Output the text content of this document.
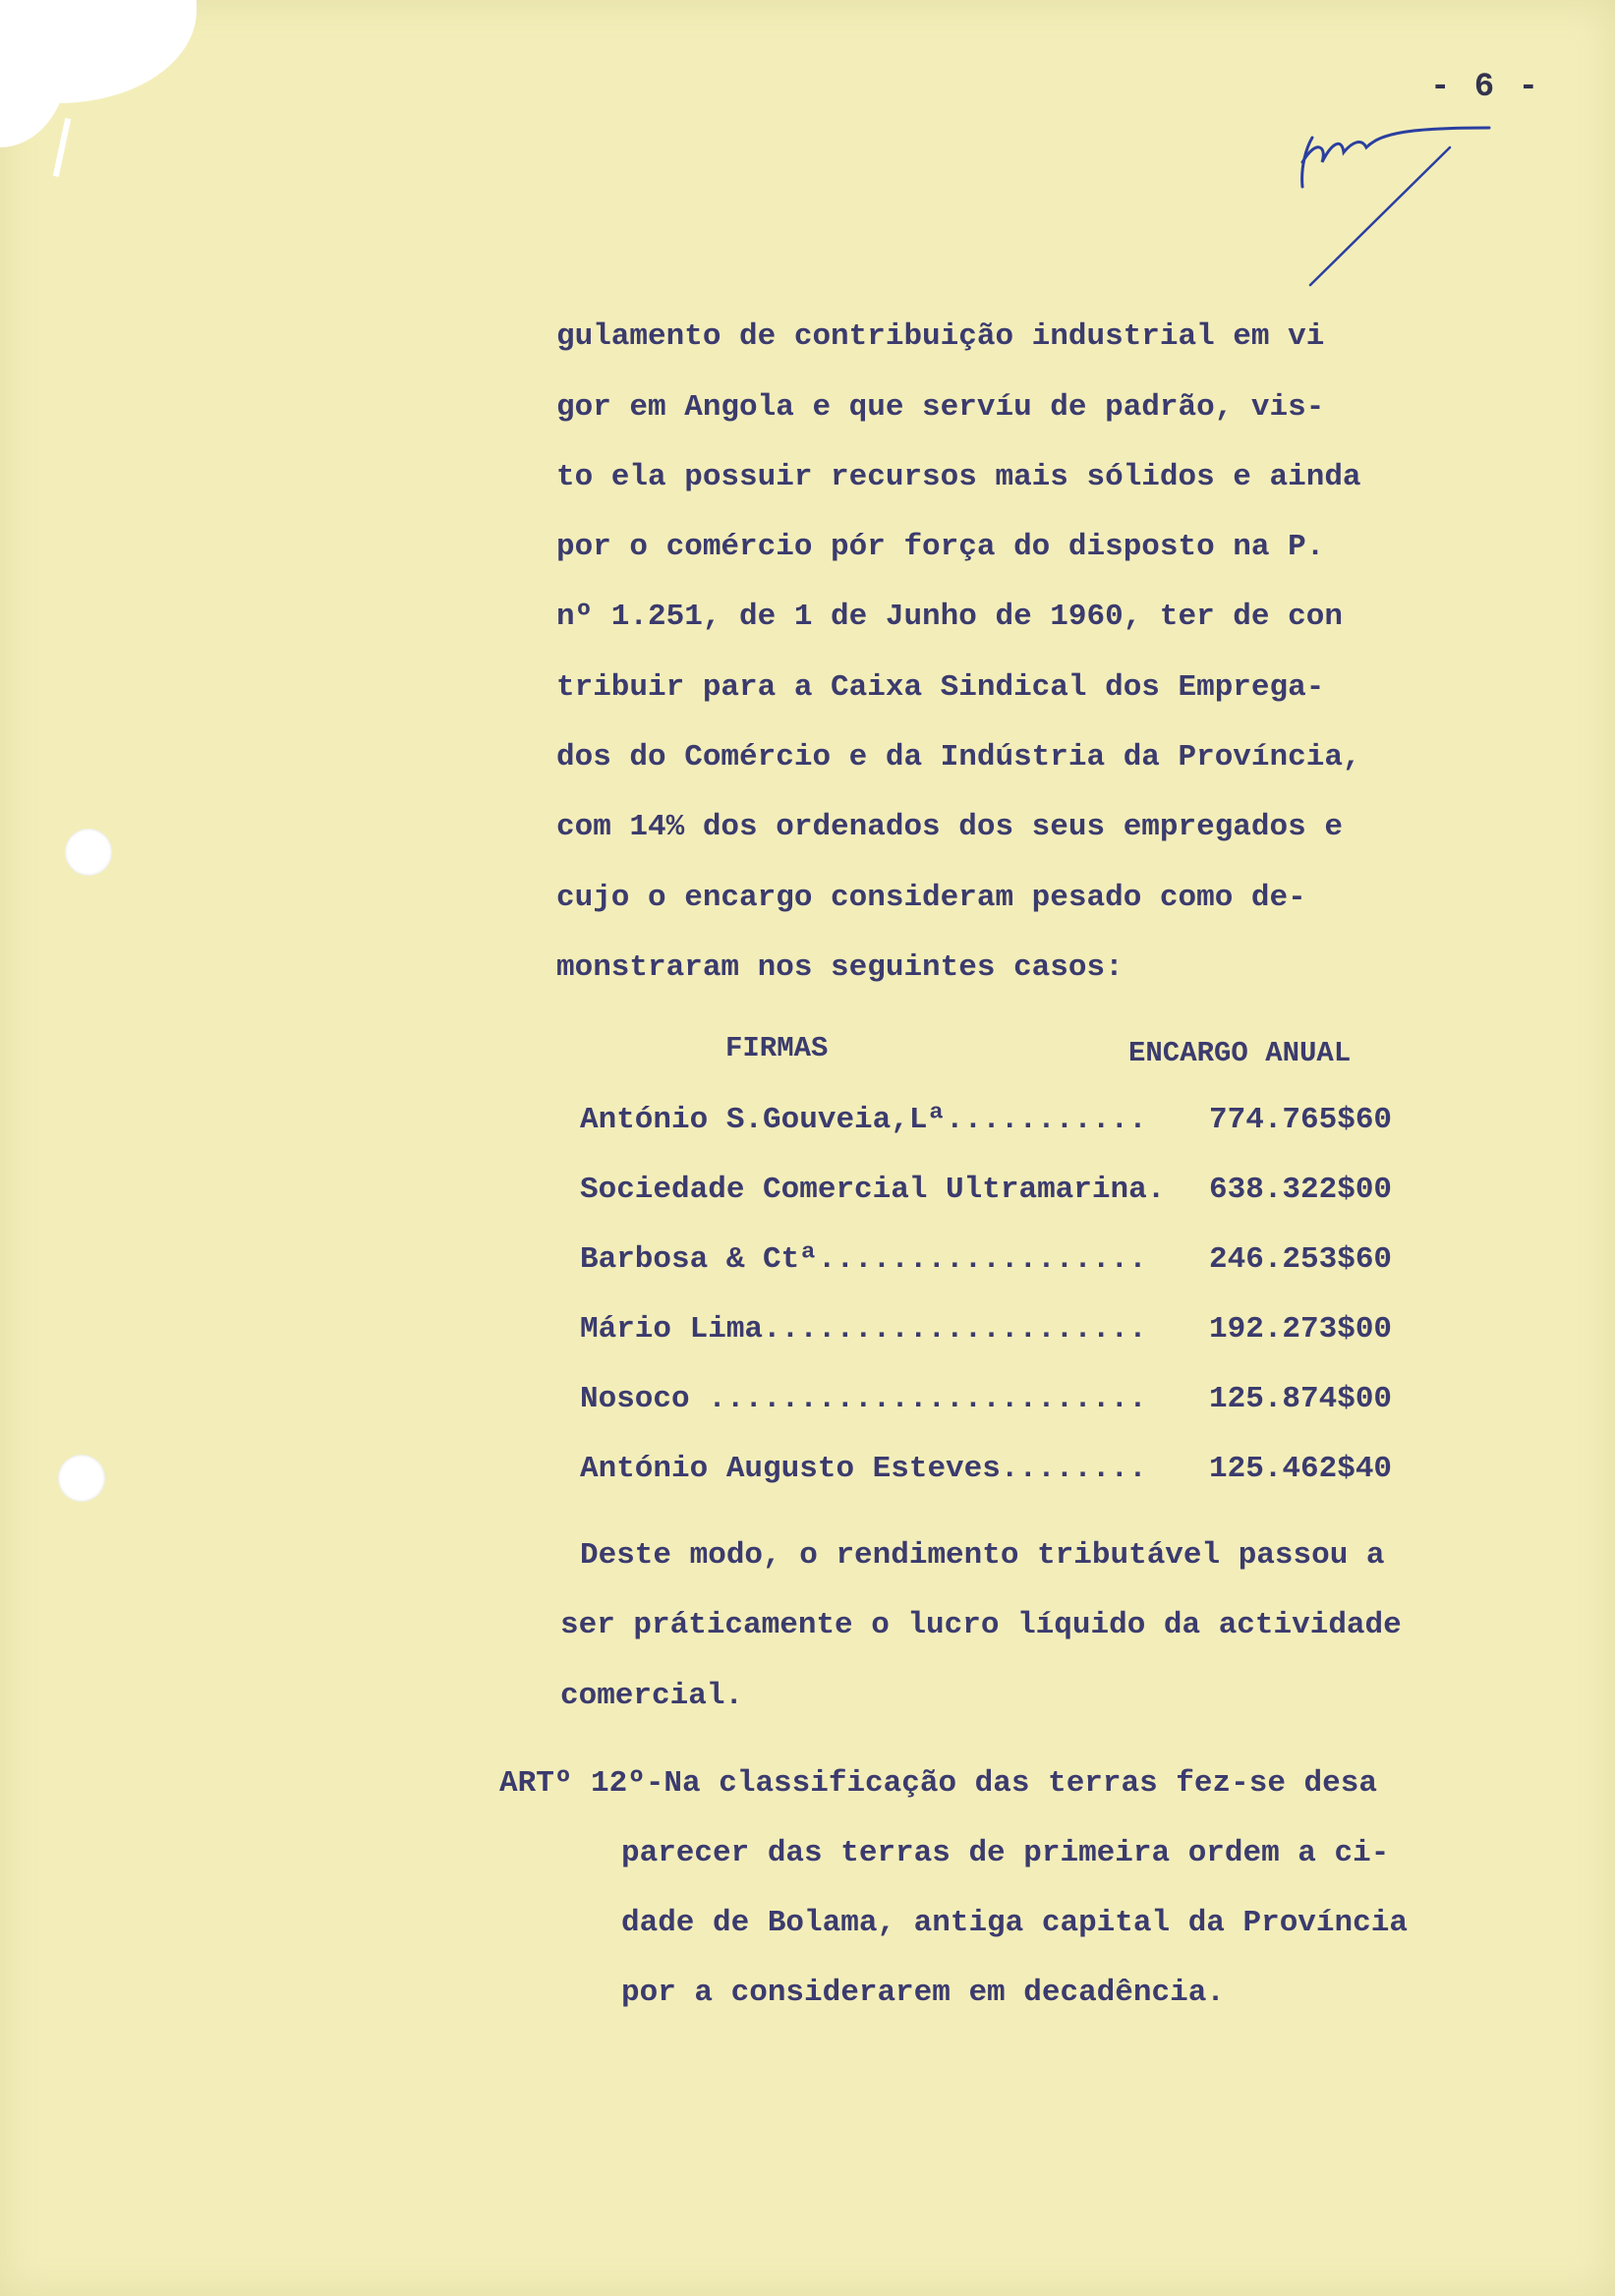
- 6 -
gulamento de contribuição industrial em vi
gor em Angola e que servíu de padrão, vis-
to ela possuir recursos mais sólidos e ainda
por o comércio pór força do disposto na P.
nº 1.251, de 1 de Junho de 1960, ter de con
tribuir para a Caixa Sindical dos Emprega-
dos do Comércio e da Indústria da Província,
com 14% dos ordenados dos seus empregados e
cujo o encargo consideram pesado como de-
monstraram nos seguintes casos:
FIRMAS	ENCARGO ANUAL

António S.Gouveia,Lª...........

774.765$60

Sociedade Comercial Ultramarina.

638.322$00

Barbosa & Ctª..................

246.253$60

Mário Lima.....................

192.273$00

Nosoco ........................

125.874$00

António Augusto Esteves........

125.462$40

Deste modo, o rendimento tributável passou a
ser práticamente o lucro líquido da actividade
comercial.
ARTº 12º-Na classificação das terras fez-se desa
parecer das terras de primeira ordem a ci-
dade de Bolama, antiga capital da Província
por a considerarem em decadência.
